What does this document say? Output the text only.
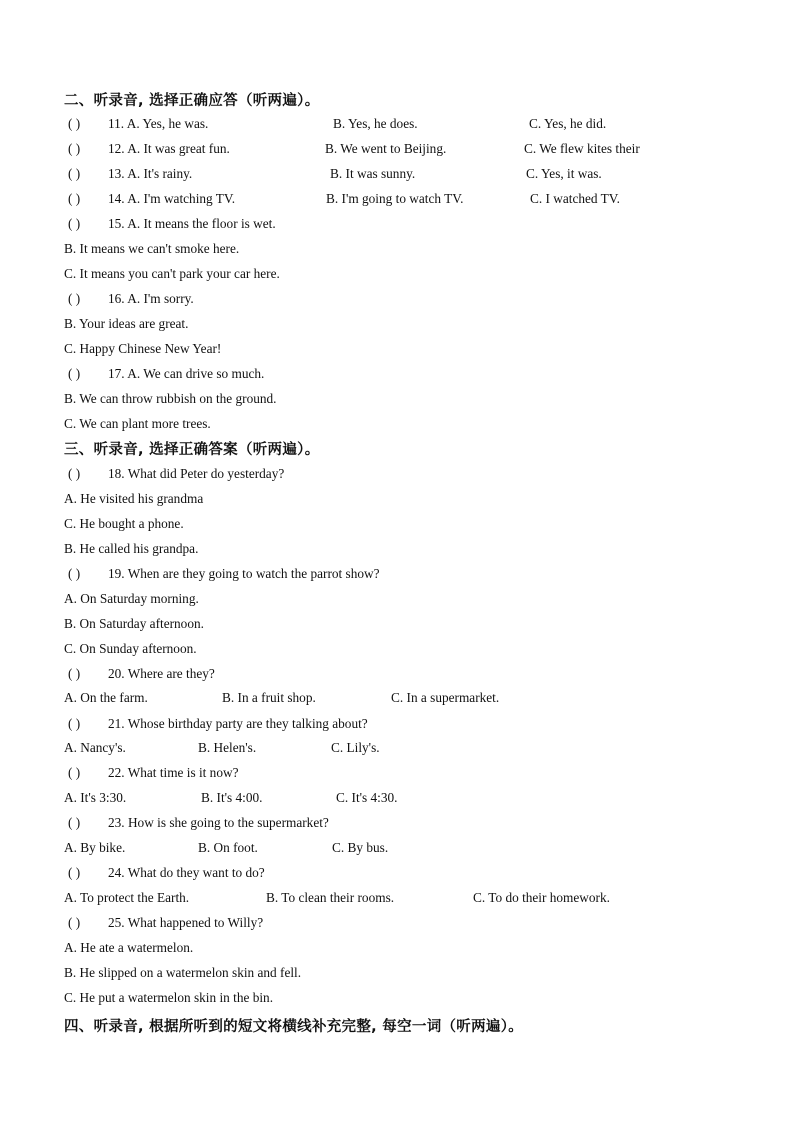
二、听录音, 选择正确应答（听两遍）。
( ) 11. A. Yes, he was.	B. Yes, he does.	C. Yes, he did.
( ) 12. A. It was great fun.	B. We went to Beijing.	C. We flew kites their
( ) 13. A. It's rainy.	B. It was sunny.	C. Yes, it was.
( ) 14. A. I'm watching TV.	B. I'm going to watch TV.	C. I watched TV.
( ) 15. A. It means the floor is wet.
B. It means we can't smoke here.
C. It means you can't park your car here.
( ) 16. A. I'm sorry.
B. Your ideas are great.
C. Happy Chinese New Year!
( ) 17. A. We can drive so much.
B. We can throw rubbish on the ground.
C. We can plant more trees.
三、听录音, 选择正确答案（听两遍）。
( ) 18. What did Peter do yesterday?
A. He visited his grandma
C. He bought a phone.
B. He called his grandpa.
( ) 19. When are they going to watch the parrot show?
A. On Saturday morning.
B. On Saturday afternoon.
C. On Sunday afternoon.
( ) 20. Where are they?
A. On the farm.	B. In a fruit shop.	C. In a supermarket.
( ) 21. Whose birthday party are they talking about?
A. Nancy's.	B. Helen's.	C. Lily's.
( ) 22. What time is it now?
A. It's 3:30.	B. It's 4:00.	C. It's 4:30.
( ) 23. How is she going to the supermarket?
A. By bike.	B. On foot.	C. By bus.
( ) 24. What do they want to do?
A. To protect the Earth.	B. To clean their rooms.	C. To do their homework.
( ) 25. What happened to Willy?
A. He ate a watermelon.
B. He slipped on a watermelon skin and fell.
C. He put a watermelon skin in the bin.
四、听录音, 根据所听到的短文将横线补充完整, 每空一词（听两遍）。
